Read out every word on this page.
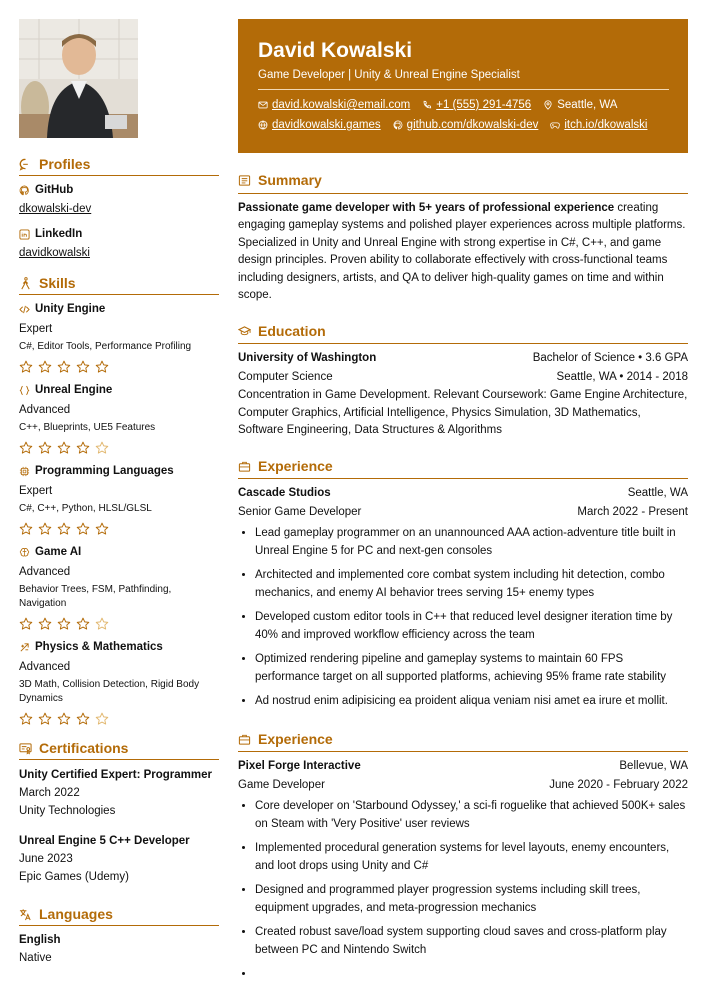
Profiles
GitHub
dkowalski-dev
LinkedIn
davidkowalski
Skills
Unity Engine
Expert
C#, Editor Tools, Performance Profiling
Unreal Engine
Advanced
C++, Blueprints, UE5 Features
Programming Languages
Expert
C#, C++, Python, HLSL/GLSL
Game AI
Advanced
Behavior Trees, FSM, Pathfinding, Navigation
Physics & Mathematics
Advanced
3D Math, Collision Detection, Rigid Body Dynamics
Certifications
Unity Certified Expert: Programmer
March 2022
Unity Technologies
Unreal Engine 5 C++ Developer
June 2023
Epic Games (Udemy)
Languages
English
Native
David Kowalski
Game Developer | Unity & Unreal Engine Specialist
david.kowalski@email.com +1 (555) 291-4756 Seattle, WA
davidkowalski.games github.com/dkowalski-dev itch.io/dkowalski
Summary
Passionate game developer with 5+ years of professional experience creating engaging gameplay systems and polished player experiences across multiple platforms. Specialized in Unity and Unreal Engine with strong expertise in C#, C++, and game design principles. Proven ability to collaborate effectively with cross-functional teams including designers, artists, and QA to deliver high-quality games on time and within scope.
Education
University of Washington	Bachelor of Science • 3.6 GPA
Computer Science	Seattle, WA • 2014 - 2018
Concentration in Game Development. Relevant Coursework: Game Engine Architecture, Computer Graphics, Artificial Intelligence, Physics Simulation, 3D Mathematics, Software Engineering, Data Structures & Algorithms
Experience
Cascade Studios	Seattle, WA
Senior Game Developer	March 2022 - Present
• Lead gameplay programmer on an unannounced AAA action-adventure title built in Unreal Engine 5 for PC and next-gen consoles
• Architected and implemented core combat system including hit detection, combo mechanics, and enemy AI behavior trees serving 15+ enemy types
• Developed custom editor tools in C++ that reduced level designer iteration time by 40% and improved workflow efficiency across the team
• Optimized rendering pipeline and gameplay systems to maintain 60 FPS performance target on all supported platforms, achieving 95% frame rate stability
• Ad nostrud enim adipisicing ea proident aliqua veniam nisi amet ea irure et mollit.
Experience
Pixel Forge Interactive	Bellevue, WA
Game Developer	June 2020 - February 2022
• Core developer on 'Starbound Odyssey,' a sci-fi roguelike that achieved 500K+ sales on Steam with 'Very Positive' user reviews
• Implemented procedural generation systems for level layouts, enemy encounters, and loot drops using Unity and C#
• Designed and programmed player progression systems including skill trees, equipment upgrades, and meta-progression mechanics
• Created robust save/load system supporting cloud saves and cross-platform play between PC and Nintendo Switch
•
